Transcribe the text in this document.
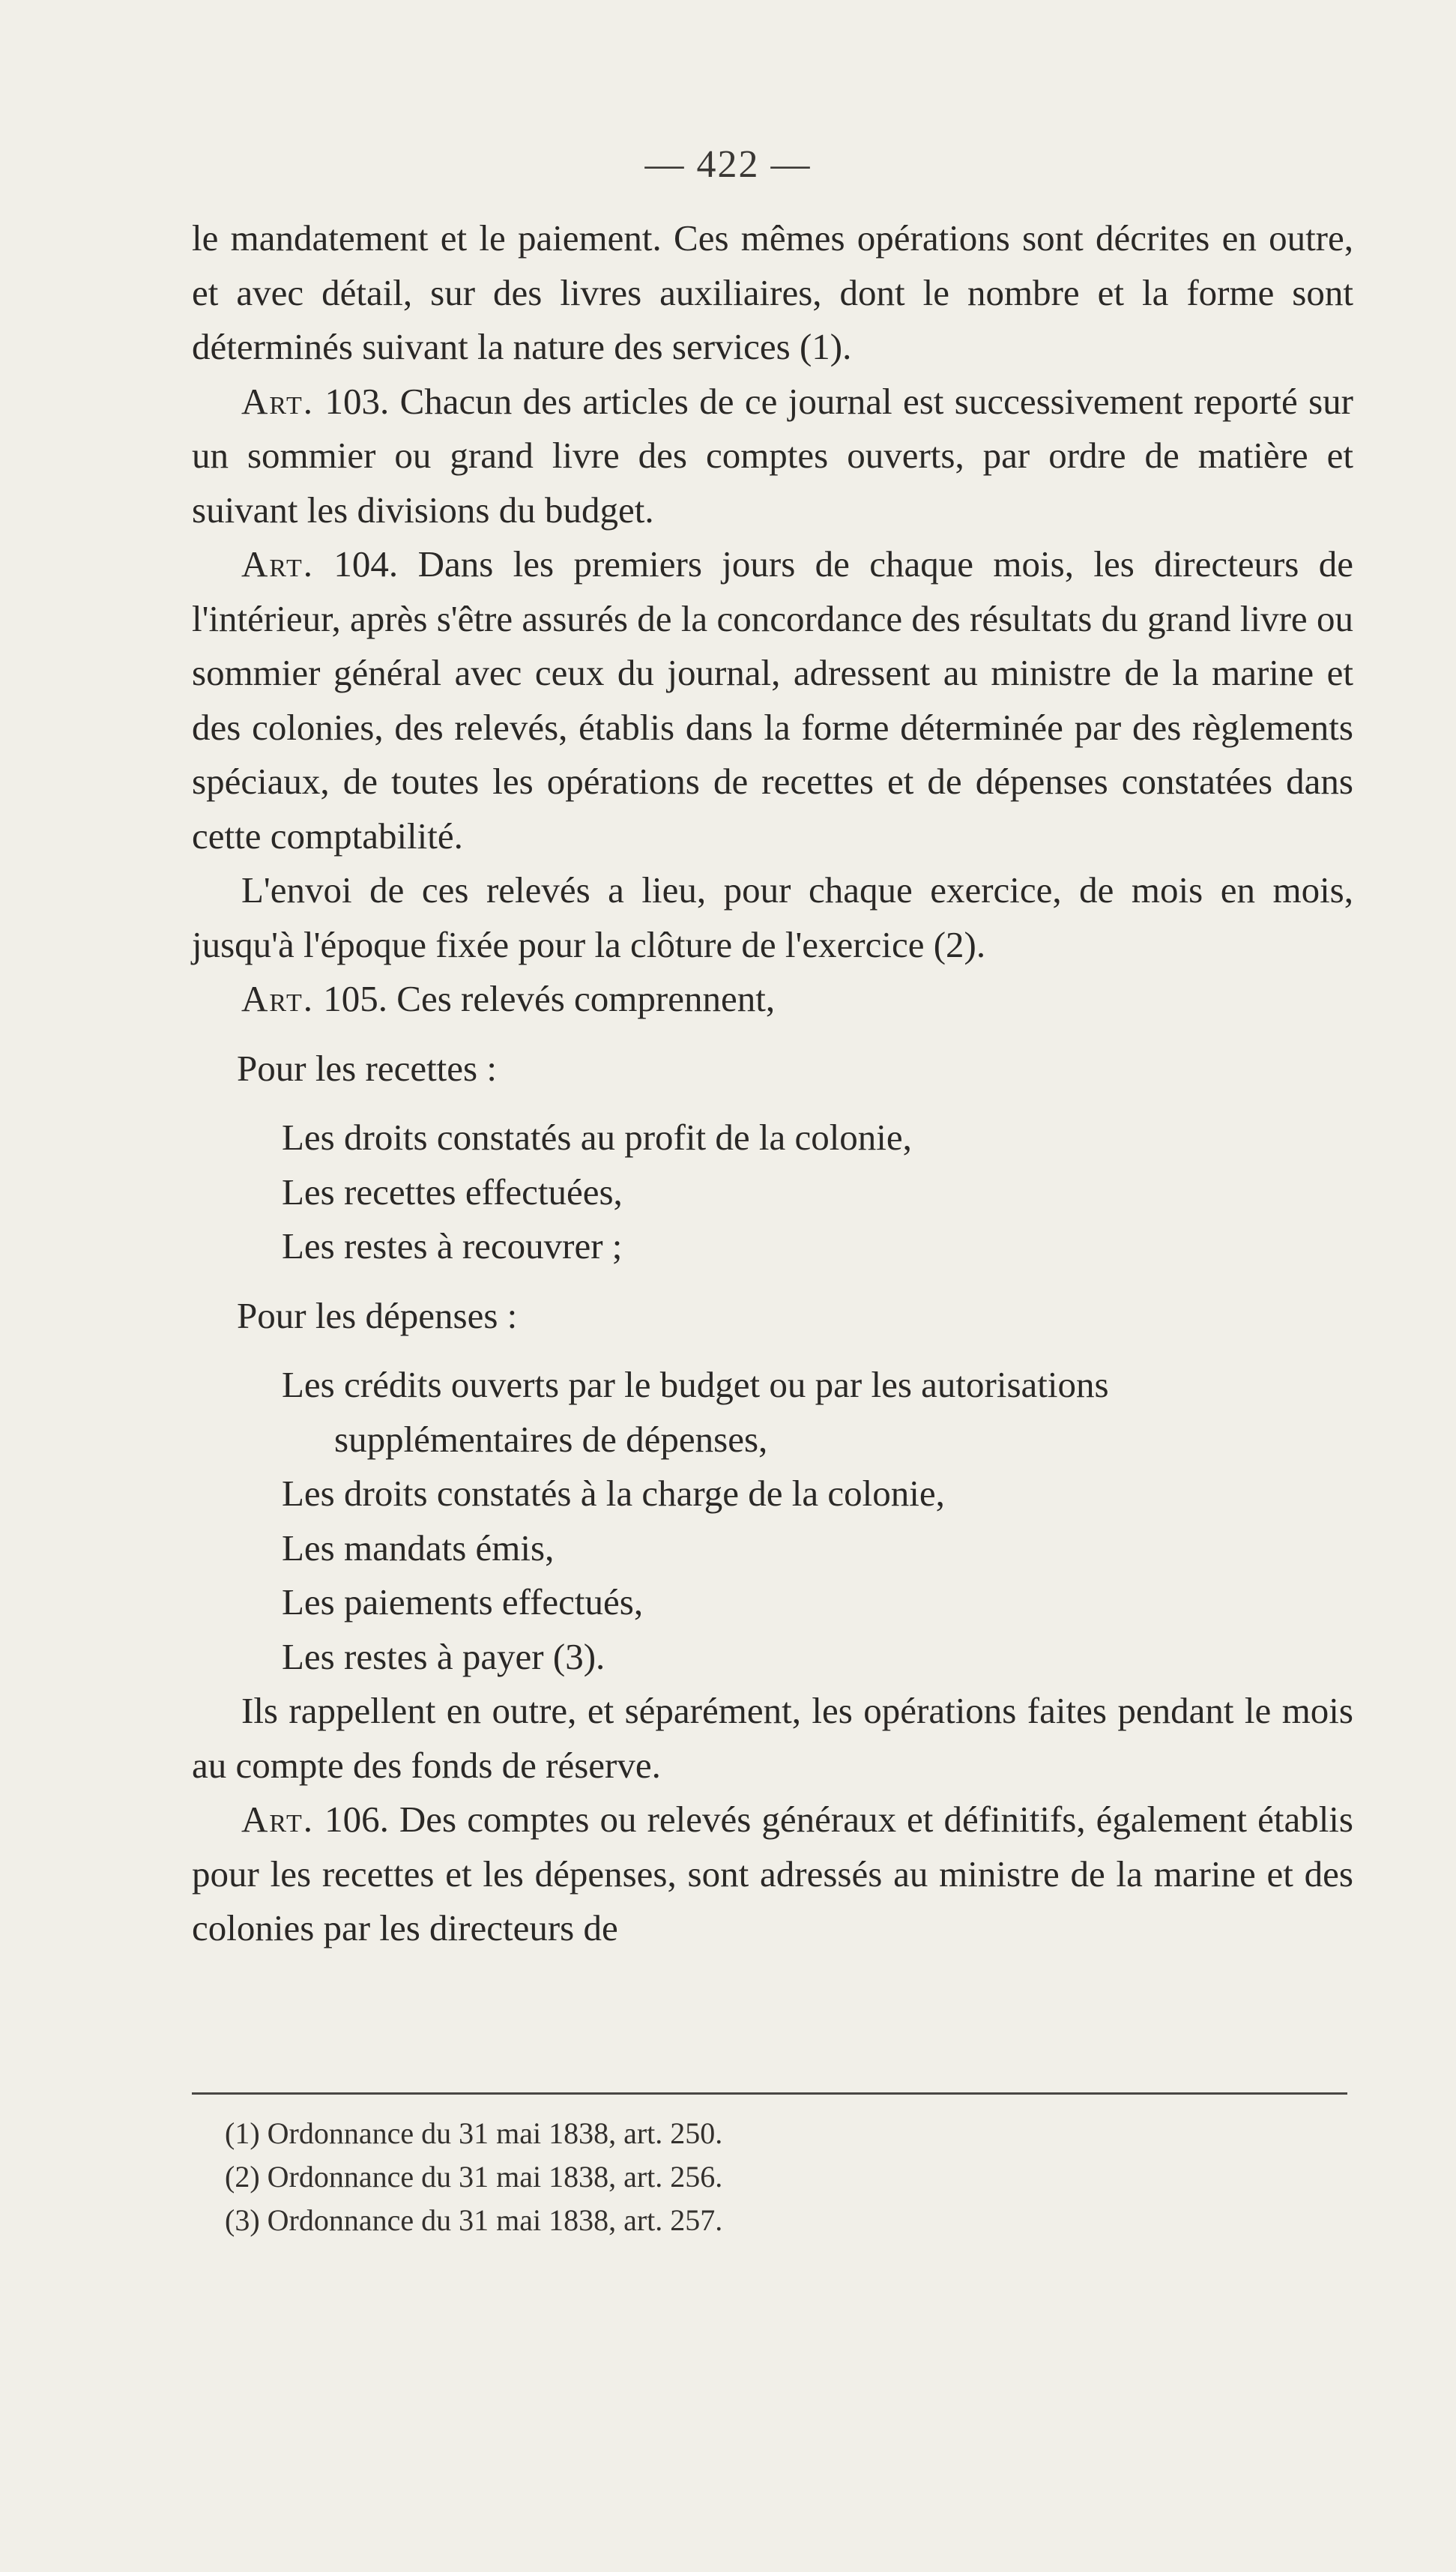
— 422 —

le mandatement et le paiement. Ces mêmes opérations sont décrites en outre, et avec détail, sur des livres auxiliaires, dont le nombre et la forme sont déterminés suivant la nature des services (1).

Art. 103. Chacun des articles de ce journal est successivement reporté sur un sommier ou grand livre des comptes ouverts, par ordre de matière et suivant les divisions du budget.

Art. 104. Dans les premiers jours de chaque mois, les directeurs de l'intérieur, après s'être assurés de la concordance des résultats du grand livre ou sommier général avec ceux du journal, adressent au ministre de la marine et des colonies, des relevés, établis dans la forme déterminée par des règlements spéciaux, de toutes les opérations de recettes et de dépenses constatées dans cette comptabilité.

L'envoi de ces relevés a lieu, pour chaque exercice, de mois en mois, jusqu'à l'époque fixée pour la clôture de l'exercice (2).

Art. 105. Ces relevés comprennent,

Pour les recettes :

Les droits constatés au profit de la colonie,

Les recettes effectuées,

Les restes à recouvrer ;

Pour les dépenses :

Les crédits ouverts par le budget ou par les autorisations supplémentaires de dépenses,

Les droits constatés à la charge de la colonie,

Les mandats émis,

Les paiements effectués,

Les restes à payer (3).

Ils rappellent en outre, et séparément, les opérations faites pendant le mois au compte des fonds de réserve.

Art. 106. Des comptes ou relevés généraux et définitifs, également établis pour les recettes et les dépenses, sont adressés au ministre de la marine et des colonies par les directeurs de

(1) Ordonnance du 31 mai 1838, art. 250.

(2) Ordonnance du 31 mai 1838, art. 256.

(3) Ordonnance du 31 mai 1838, art. 257.
